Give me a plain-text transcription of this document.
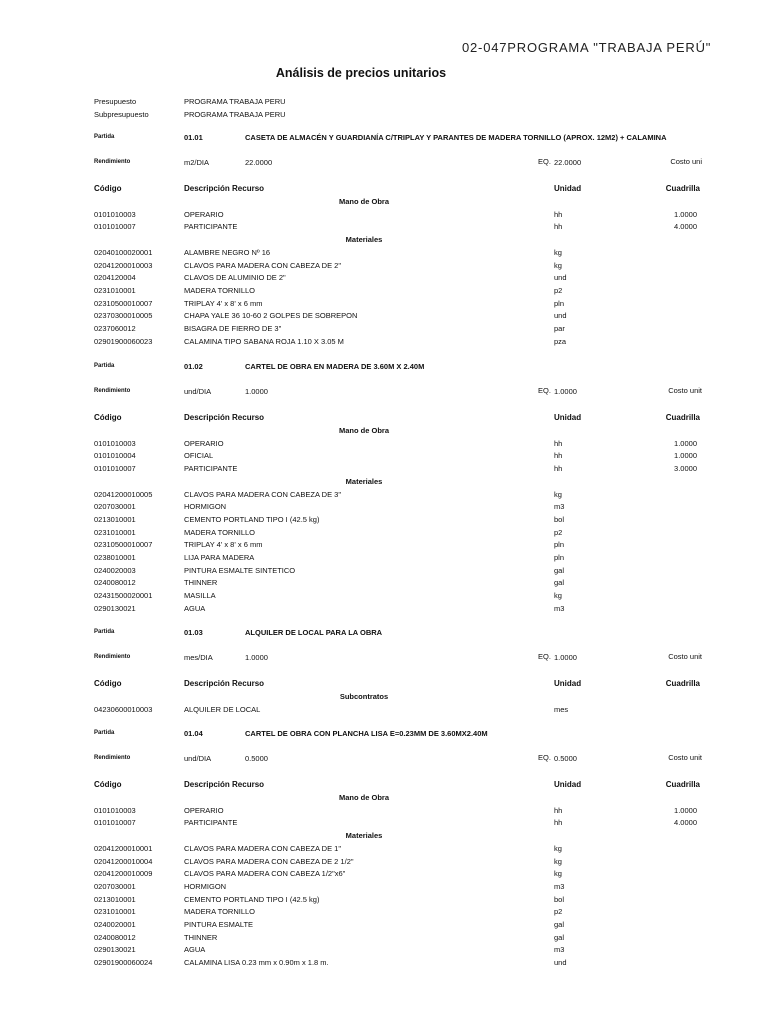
02-047PROGRAMA "TRABAJA PERÚ"
Análisis de precios unitarios
Presupuesto	PROGRAMA TRABAJA PERU
Subpresupuesto	PROGRAMA TRABAJA PERU
Partida	01.01	CASETA DE ALMACÉN Y GUARDIANÍA C/TRIPLAY Y PARANTES DE MADERA TORNILLO (APROX. 12M2) + CALAMINA
Rendimiento	m2/DIA	22.0000	EQ. 22.0000	Costo uni
Código	Descripción Recurso	Unidad	Cuadrilla
Mano de Obra
0101010003	OPERARIO	hh	1.0000
0101010007	PARTICIPANTE	hh	4.0000
Materiales
02040100020001	ALAMBRE NEGRO Nº 16	kg
02041200010003	CLAVOS PARA MADERA CON CABEZA DE 2"	kg
0204120004	CLAVOS DE ALUMINIO DE 2"	und
0231010001	MADERA TORNILLO	p2
02310500010007	TRIPLAY 4' x 8' x 6 mm	pln
02370300010005	CHAPA YALE 36 10-60 2 GOLPES DE SOBREPON	und
0237060012	BISAGRA DE FIERRO DE 3"	par
02901900060023	CALAMINA TIPO SABANA ROJA 1.10 X 3.05 M	pza
Partida	01.02	CARTEL DE OBRA EN MADERA DE 3.60M X 2.40M
Rendimiento	und/DIA	1.0000	EQ. 1.0000	Costo unit
Código	Descripción Recurso	Unidad	Cuadrilla
Mano de Obra
0101010003	OPERARIO	hh	1.0000
0101010004	OFICIAL	hh	1.0000
0101010007	PARTICIPANTE	hh	3.0000
Materiales
02041200010005	CLAVOS PARA MADERA CON CABEZA DE 3"	kg
0207030001	HORMIGON	m3
0213010001	CEMENTO PORTLAND TIPO I (42.5 kg)	bol
0231010001	MADERA TORNILLO	p2
02310500010007	TRIPLAY 4' x 8' x 6 mm	pln
0238010001	LIJA PARA MADERA	pln
0240020003	PINTURA ESMALTE SINTETICO	gal
0240080012	THINNER	gal
02431500020001	MASILLA	kg
0290130021	AGUA	m3
Partida	01.03	ALQUILER DE LOCAL PARA LA OBRA
Rendimiento	mes/DIA	1.0000	EQ. 1.0000	Costo unit
Código	Descripción Recurso	Unidad	Cuadrilla
Subcontratos
04230600010003	ALQUILER DE LOCAL	mes
Partida	01.04	CARTEL DE OBRA CON PLANCHA LISA E=0.23MM DE 3.60MX2.40M
Rendimiento	und/DIA	0.5000	EQ. 0.5000	Costo unit
Código	Descripción Recurso	Unidad	Cuadrilla
Mano de Obra
0101010003	OPERARIO	hh	1.0000
0101010007	PARTICIPANTE	hh	4.0000
Materiales
02041200010001	CLAVOS PARA MADERA CON CABEZA DE 1"	kg
02041200010004	CLAVOS PARA MADERA CON CABEZA DE 2 1/2"	kg
02041200010009	CLAVOS PARA MADERA CON CABEZA 1/2"x6"	kg
0207030001	HORMIGON	m3
0213010001	CEMENTO PORTLAND TIPO I (42.5 kg)	bol
0231010001	MADERA TORNILLO	p2
0240020001	PINTURA ESMALTE	gal
0240080012	THINNER	gal
0290130021	AGUA	m3
02901900060024	CALAMINA LISA 0.23 mm x 0.90m x 1.8 m.	und
